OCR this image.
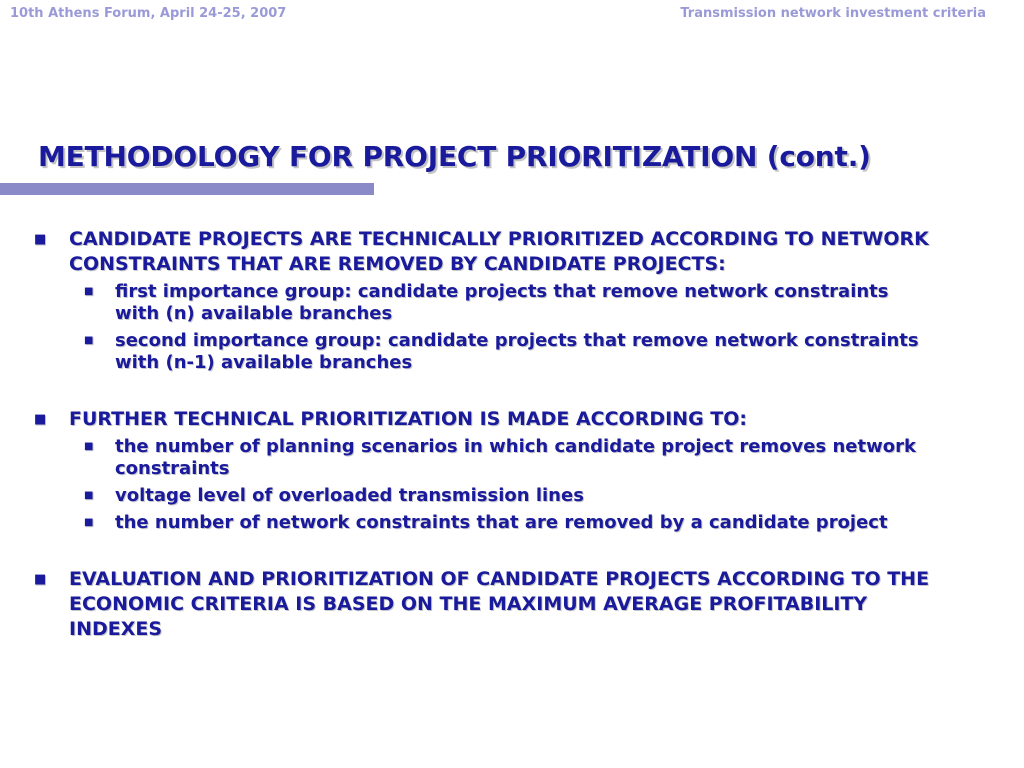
10th Athens Forum, April 24-25, 2007	Transmission network investment criteria
METHODOLOGY FOR PROJECT PRIORITIZATION (cont.)
■ CANDIDATE PROJECTS ARE TECHNICALLY PRIORITIZED ACCORDING TO NETWORK CONSTRAINTS THAT ARE REMOVED BY CANDIDATE PROJECTS:
■ first importance group: candidate projects that remove network constraints with (n) available branches
■ second importance group: candidate projects that remove network constraints with (n-1) available branches
■ FURTHER TECHNICAL PRIORITIZATION IS MADE ACCORDING TO:
■ the number of planning scenarios in which candidate project removes network constraints
■ voltage level of overloaded transmission lines
■ the number of network constraints that are removed by a candidate project
■ EVALUATION AND PRIORITIZATION OF CANDIDATE PROJECTS ACCORDING TO THE ECONOMIC CRITERIA IS BASED ON THE MAXIMUM AVERAGE PROFITABILITY INDEXES
